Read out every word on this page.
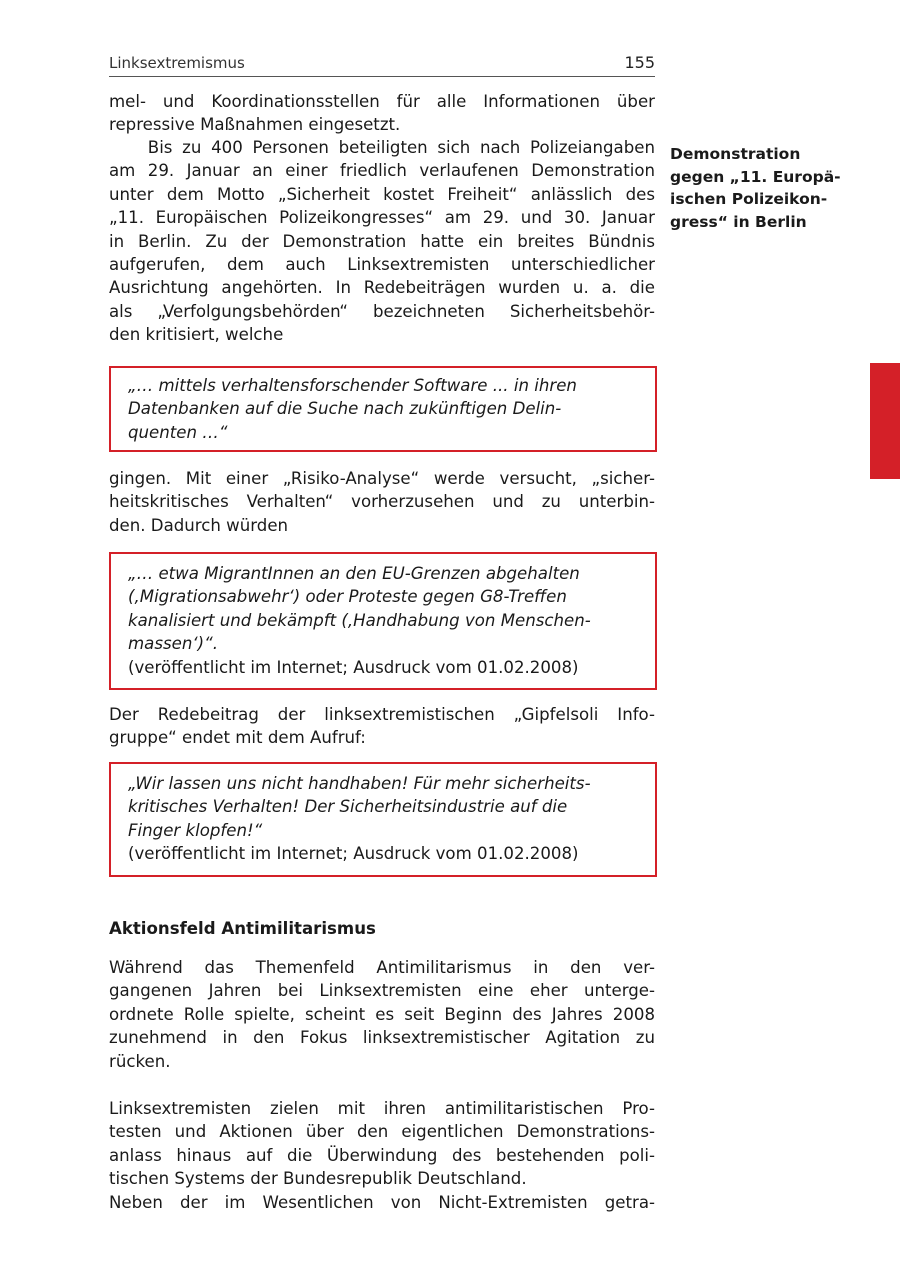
Linksextremismus	155
Demonstration
gegen „11. Europä-
ischen Polizeikon-
gress“ in Berlin
mel- und Koordinationsstellen für alle Informationen über
repressive Maßnahmen eingesetzt.
Bis zu 400 Personen beteiligten sich nach Polizeiangaben
am 29. Januar an einer friedlich verlaufenen Demonstration
unter dem Motto „Sicherheit kostet Freiheit“ anlässlich des
„11. Europäischen Polizeikongresses“ am 29. und 30. Januar
in Berlin. Zu der Demonstration hatte ein breites Bündnis
aufgerufen, dem auch Linksextremisten unterschiedlicher
Ausrichtung angehörten. In Redebeiträgen wurden u. a. die
als „Verfolgungsbehörden“ bezeichneten Sicherheitsbehör-
den kritisiert, welche
„… mittels verhaltensforschender Software ... in ihren
Datenbanken auf die Suche nach zukünftigen Delin-
quenten …“
gingen. Mit einer „Risiko-Analyse“ werde versucht, „sicher-
heitskritisches Verhalten“ vorherzusehen und zu unterbin-
den. Dadurch würden
„… etwa MigrantInnen an den EU-Grenzen abgehalten
(‚Migrationsabwehr‘) oder Proteste gegen G8-Treffen
kanalisiert und bekämpft (‚Handhabung von Menschen-
massen‘)“.
(veröffentlicht im Internet; Ausdruck vom 01.02.2008)
Der Redebeitrag der linksextremistischen „Gipfelsoli Info-
gruppe“ endet mit dem Aufruf:
„Wir lassen uns nicht handhaben! Für mehr sicherheits-
kritisches Verhalten! Der Sicherheitsindustrie auf die
Finger klopfen!“
(veröffentlicht im Internet; Ausdruck vom 01.02.2008)
Aktionsfeld Antimilitarismus
Während das Themenfeld Antimilitarismus in den ver-
gangenen Jahren bei Linksextremisten eine eher unterge-
ordnete Rolle spielte, scheint es seit Beginn des Jahres 2008
zunehmend in den Fokus linksextremistischer Agitation zu
rücken.
Linksextremisten zielen mit ihren antimilitaristischen Pro-
testen und Aktionen über den eigentlichen Demonstrations-
anlass hinaus auf die Überwindung des bestehenden poli-
tischen Systems der Bundesrepublik Deutschland.
Neben der im Wesentlichen von Nicht-Extremisten getra-
